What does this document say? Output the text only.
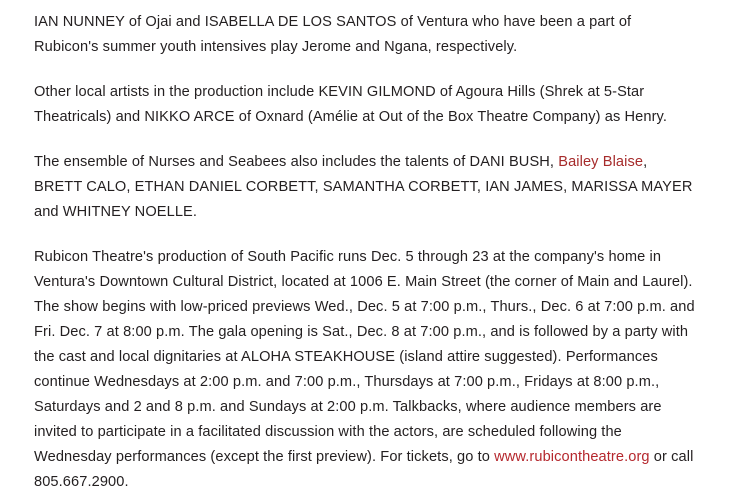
IAN NUNNEY of Ojai and ISABELLA DE LOS SANTOS of Ventura who have been a part of Rubicon's summer youth intensives play Jerome and Ngana, respectively.

Other local artists in the production include KEVIN GILMOND of Agoura Hills (Shrek at 5-Star Theatricals) and NIKKO ARCE of Oxnard (Amélie at Out of the Box Theatre Company) as Henry.

The ensemble of Nurses and Seabees also includes the talents of DANI BUSH, Bailey Blaise, BRETT CALO, ETHAN DANIEL CORBETT, SAMANTHA CORBETT, IAN JAMES, MARISSA MAYER and WHITNEY NOELLE.

Rubicon Theatre's production of South Pacific runs Dec. 5 through 23 at the company's home in Ventura's Downtown Cultural District, located at 1006 E. Main Street (the corner of Main and Laurel). The show begins with low-priced previews Wed., Dec. 5 at 7:00 p.m., Thurs., Dec. 6 at 7:00 p.m. and Fri. Dec. 7 at 8:00 p.m. The gala opening is Sat., Dec. 8 at 7:00 p.m., and is followed by a party with the cast and local dignitaries at ALOHA STEAKHOUSE (island attire suggested). Performances continue Wednesdays at 2:00 p.m. and 7:00 p.m., Thursdays at 7:00 p.m., Fridays at 8:00 p.m., Saturdays and 2 and 8 p.m. and Sundays at 2:00 p.m. Talkbacks, where audience members are invited to participate in a facilitated discussion with the actors, are scheduled following the Wednesday performances (except the first preview). For tickets, go to www.rubicontheatre.org or call 805.667.2900.
